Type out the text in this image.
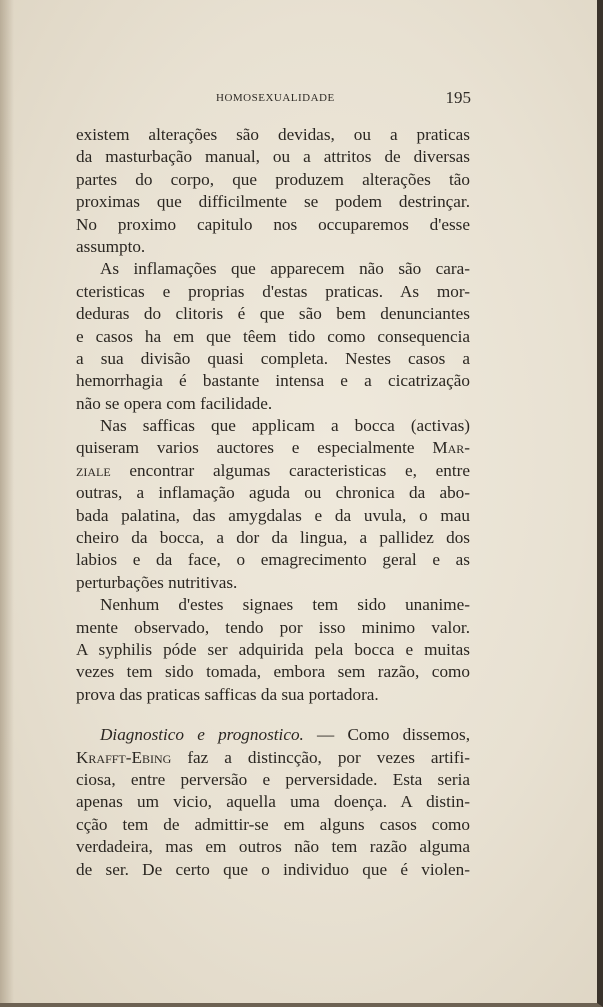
HOMOSEXUALIDADE	195
existem alterações são devidas, ou a praticas
da masturbação manual, ou a attritos de diversas
partes do corpo, que produzem alterações tão
proximas que difficilmente se podem destrinçar.
No proximo capitulo nos occuparemos d'esse
assumpto.
As inflamações que apparecem não são cara-
cteristicas e proprias d'estas praticas. As mor-
deduras do clitoris é que são bem denunciantes
e casos ha em que têem tido como consequencia
a sua divisão quasi completa. Nestes casos a
hemorrhagia é bastante intensa e a cicatrização
não se opera com facilidade.
Nas safficas que applicam a bocca (activas)
quiseram varios auctores e especialmente Mar-
ziale encontrar algumas caracteristicas e, entre
outras, a inflamação aguda ou chronica da abo-
bada palatina, das amygdalas e da uvula, o mau
cheiro da bocca, a dor da lingua, a pallidez dos
labios e da face, o emagrecimento geral e as
perturbações nutritivas.
Nenhum d'estes signaes tem sido unanime-
mente observado, tendo por isso minimo valor.
A syphilis póde ser adquirida pela bocca e muitas
vezes tem sido tomada, embora sem razão, como
prova das praticas safficas da sua portadora.
Diagnostico e prognostico. — Como dissemos,
Krafft-Ebing faz a distincção, por vezes artifi-
ciosa, entre perversão e perversidade. Esta seria
apenas um vicio, aquella uma doença. A distin-
cção tem de admittir-se em alguns casos como
verdadeira, mas em outros não tem razão alguma
de ser. De certo que o individuo que é violen-
